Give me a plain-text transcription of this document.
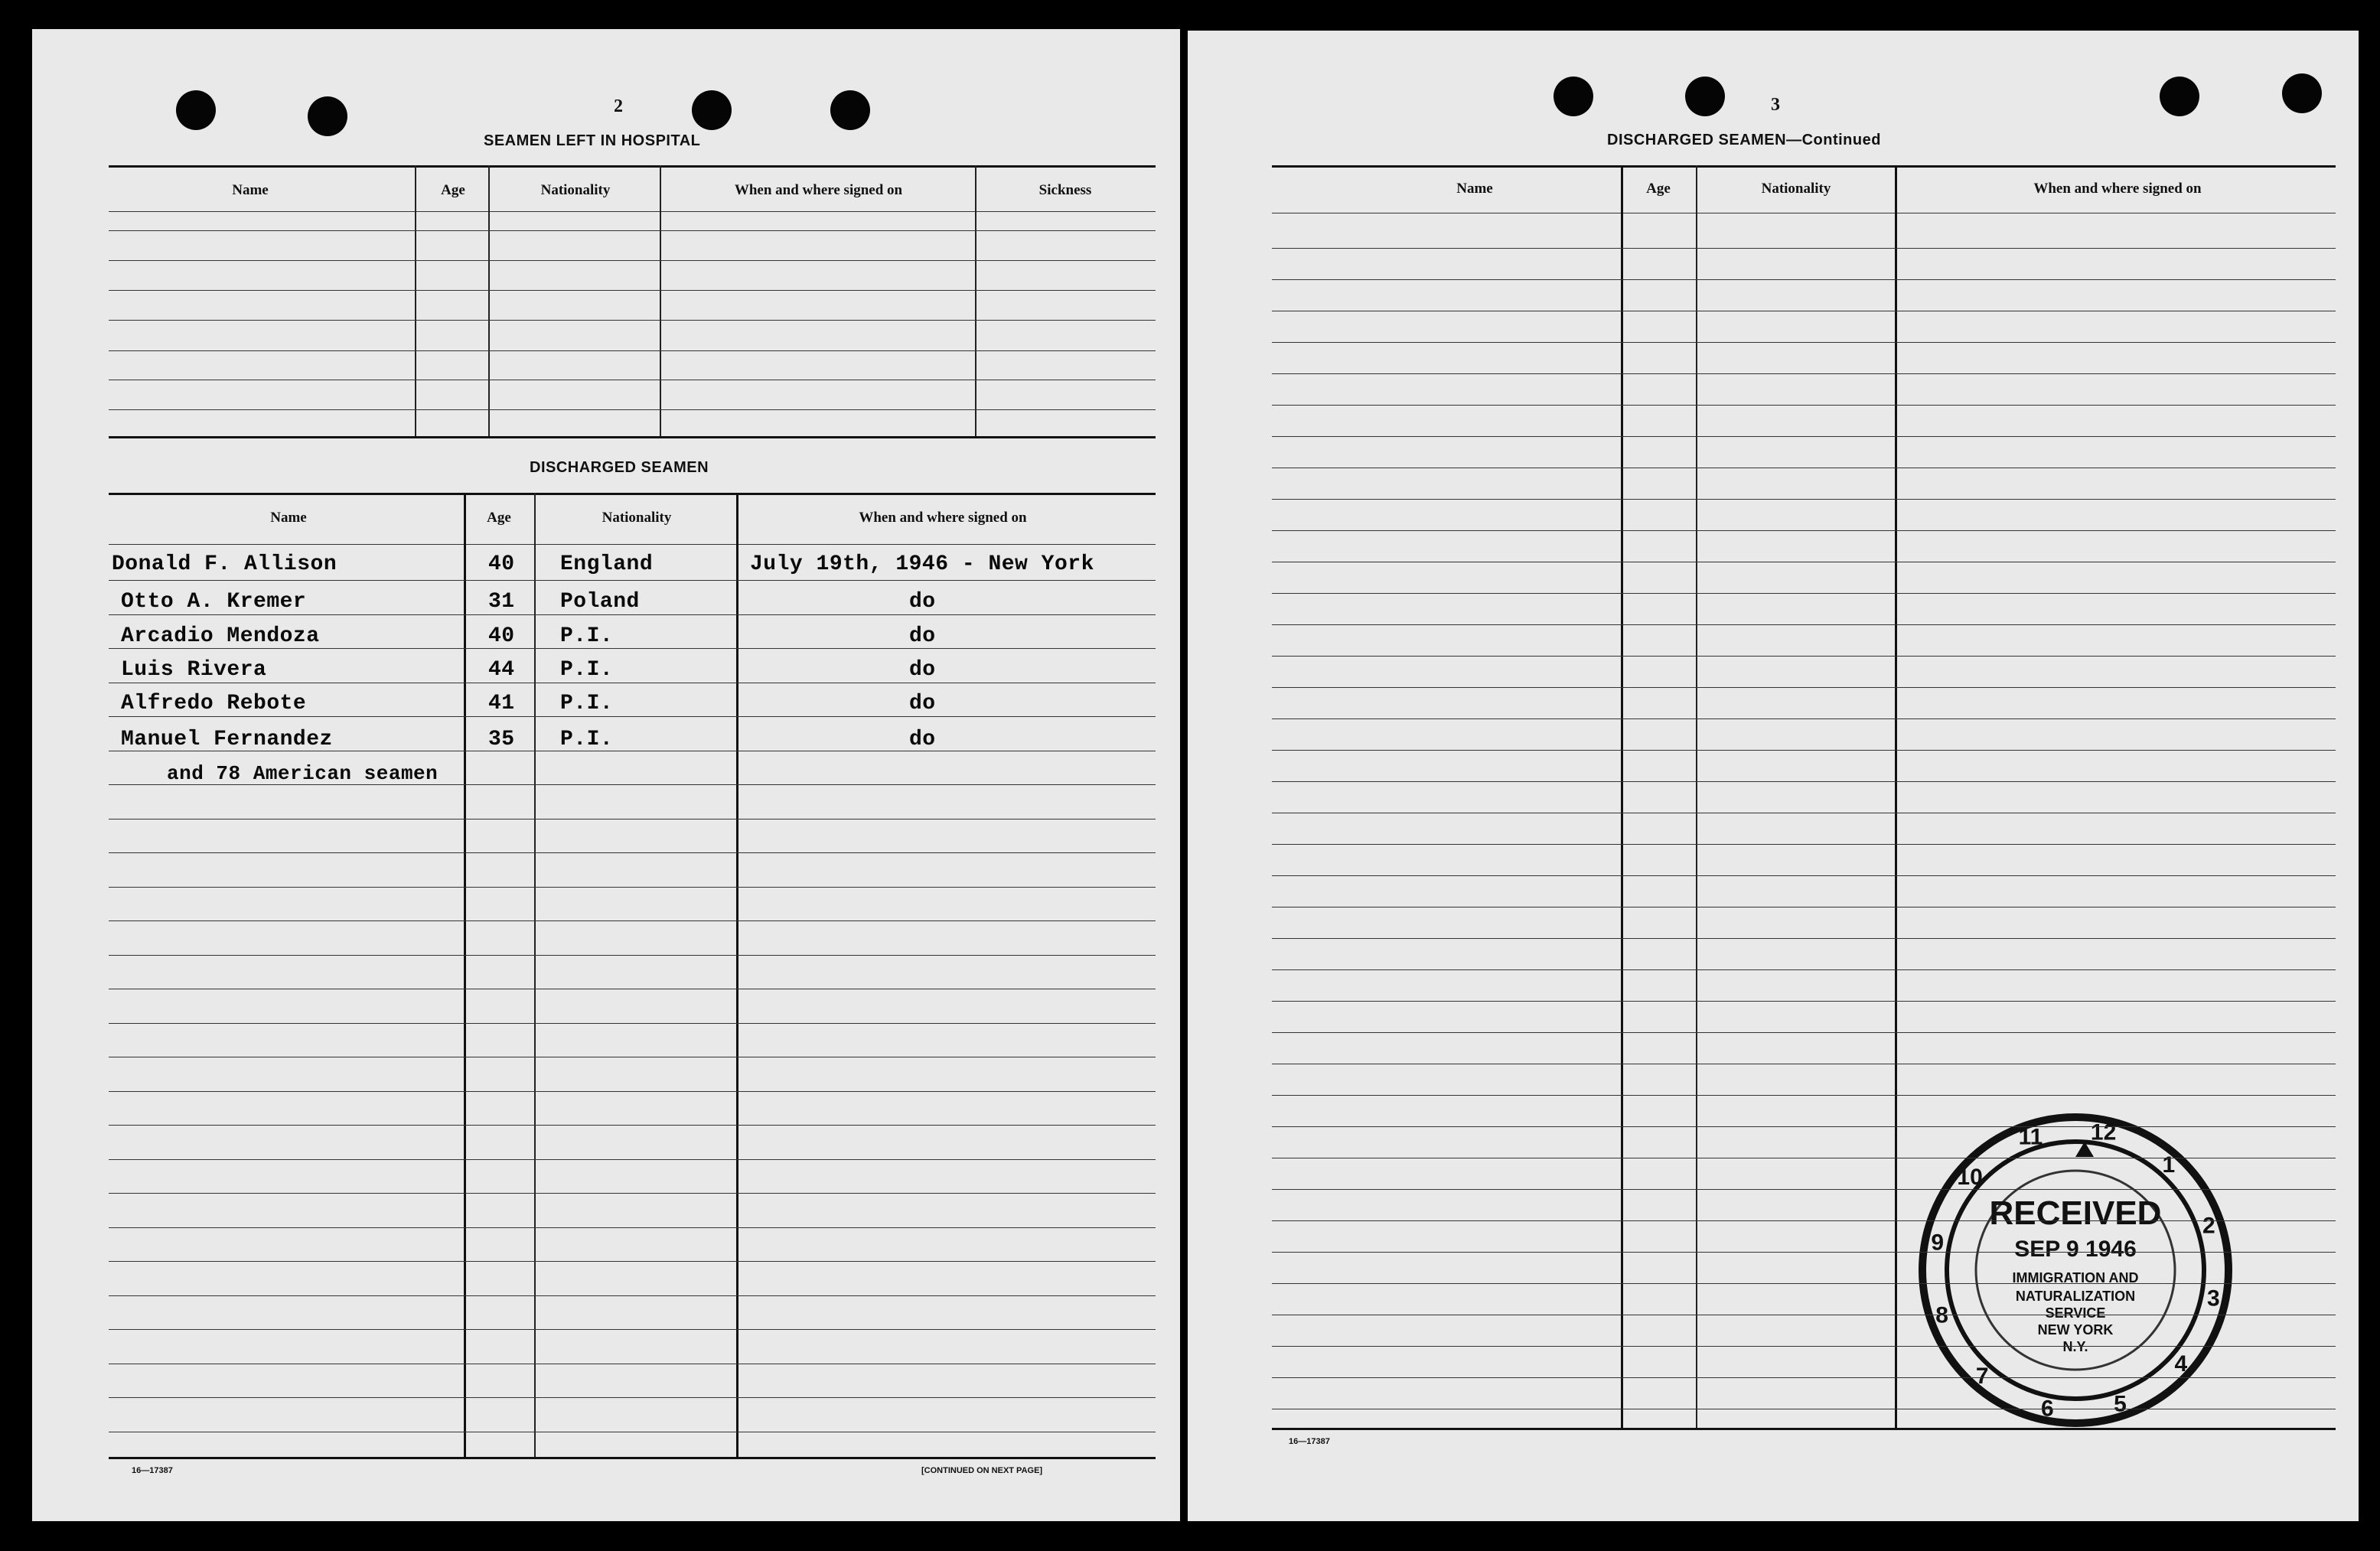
2
SEAMEN LEFT IN HOSPITAL
Name	Age	Nationality	When and where signed on	Sickness
DISCHARGED SEAMEN
Name	Age	Nationality	When and where signed on
Donald F. Allison	40 England	July 19th, 1946 - New York
Otto A. Kremer	31 Poland	do
Arcadio Mendoza	40 P.I.	do
Luis Rivera	44 P.I.	do
Alfredo Rebote	41 P.I.	do
Manuel Fernandez	35 P.I.	do
and 78 American seamen
16—17387	[CONTINUED ON NEXT PAGE]
3
DISCHARGED SEAMEN—Continued
Name	Age	Nationality	When and where signed on
16—17387
12
1
2
3
4
5
6
7
8
9
10
11
RECEIVED
SEP 9 1946
IMMIGRATION AND
NATURALIZATION
SERVICE
NEW YORK
N.Y.
